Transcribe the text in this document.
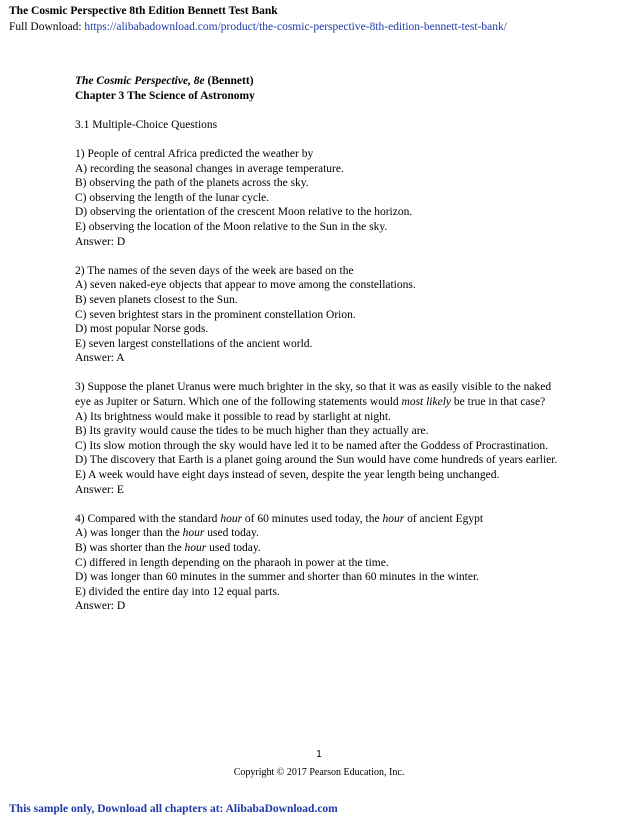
The Cosmic Perspective 8th Edition Bennett Test Bank
Full Download: https://alibabadownload.com/product/the-cosmic-perspective-8th-edition-bennett-test-bank/
The Cosmic Perspective, 8e (Bennett)
Chapter 3 The Science of Astronomy
3.1 Multiple-Choice Questions
1) People of central Africa predicted the weather by
A) recording the seasonal changes in average temperature.
B) observing the path of the planets across the sky.
C) observing the length of the lunar cycle.
D) observing the orientation of the crescent Moon relative to the horizon.
E) observing the location of the Moon relative to the Sun in the sky.
Answer: D
2) The names of the seven days of the week are based on the
A) seven naked-eye objects that appear to move among the constellations.
B) seven planets closest to the Sun.
C) seven brightest stars in the prominent constellation Orion.
D) most popular Norse gods.
E) seven largest constellations of the ancient world.
Answer: A
3) Suppose the planet Uranus were much brighter in the sky, so that it was as easily visible to the naked eye as Jupiter or Saturn. Which one of the following statements would most likely be true in that case?
A) Its brightness would make it possible to read by starlight at night.
B) Its gravity would cause the tides to be much higher than they actually are.
C) Its slow motion through the sky would have led it to be named after the Goddess of Procrastination.
D) The discovery that Earth is a planet going around the Sun would have come hundreds of years earlier.
E) A week would have eight days instead of seven, despite the year length being unchanged.
Answer: E
4) Compared with the standard hour of 60 minutes used today, the hour of ancient Egypt
A) was longer than the hour used today.
B) was shorter than the hour used today.
C) differed in length depending on the pharaoh in power at the time.
D) was longer than 60 minutes in the summer and shorter than 60 minutes in the winter.
E) divided the entire day into 12 equal parts.
Answer: D
1
Copyright © 2017 Pearson Education, Inc.
This sample only, Download all chapters at: AlibabaDownload.com
